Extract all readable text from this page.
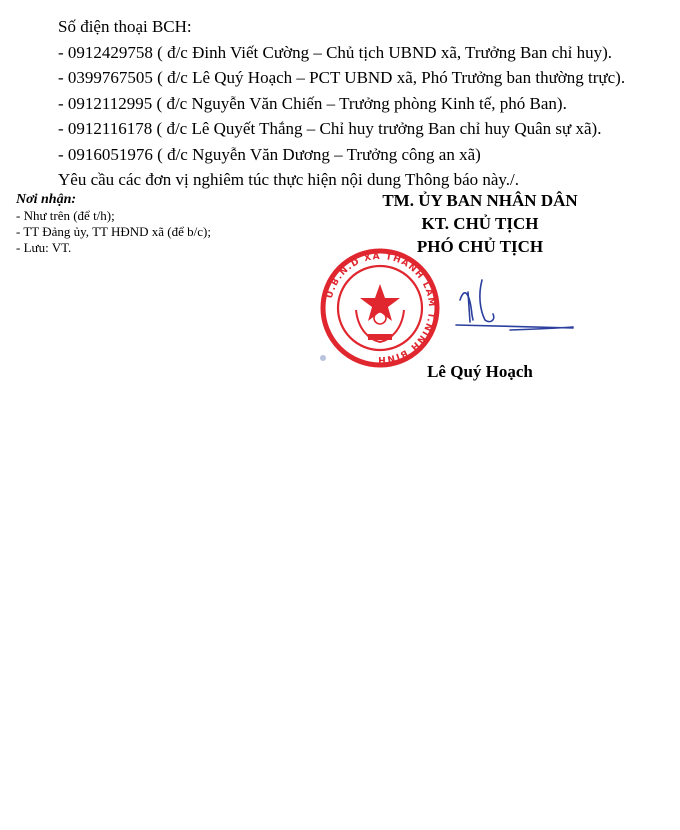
Số điện thoại BCH:
- 0912429758 ( đ/c Đinh Viết Cường – Chủ tịch UBND xã, Trưởng Ban chỉ huy).
- 0399767505 ( đ/c Lê Quý Hoạch – PCT UBND xã, Phó Trưởng ban thường trực).
- 0912112995 ( đ/c Nguyễn Văn Chiến – Trưởng phòng Kinh tế, phó Ban).
- 0912116178 ( đ/c Lê Quyết Thắng – Chỉ huy trưởng Ban chỉ huy Quân sự xã).
- 0916051976 ( đ/c Nguyễn Văn Dương – Trưởng công an xã)
Yêu cầu các đơn vị nghiêm túc thực hiện nội dung Thông báo này./.
Nơi nhận:
- Như trên (để t/h);
- TT Đảng ủy, TT HĐND xã (để b/c);
- Lưu: VT.
TM. ỦY BAN NHÂN DÂN
KT. CHỦ TỊCH
PHÓ CHỦ TỊCH
U.B.N.D XÃ THANH LÂM T.NINH BÌNH
Lê Quý Hoạch
